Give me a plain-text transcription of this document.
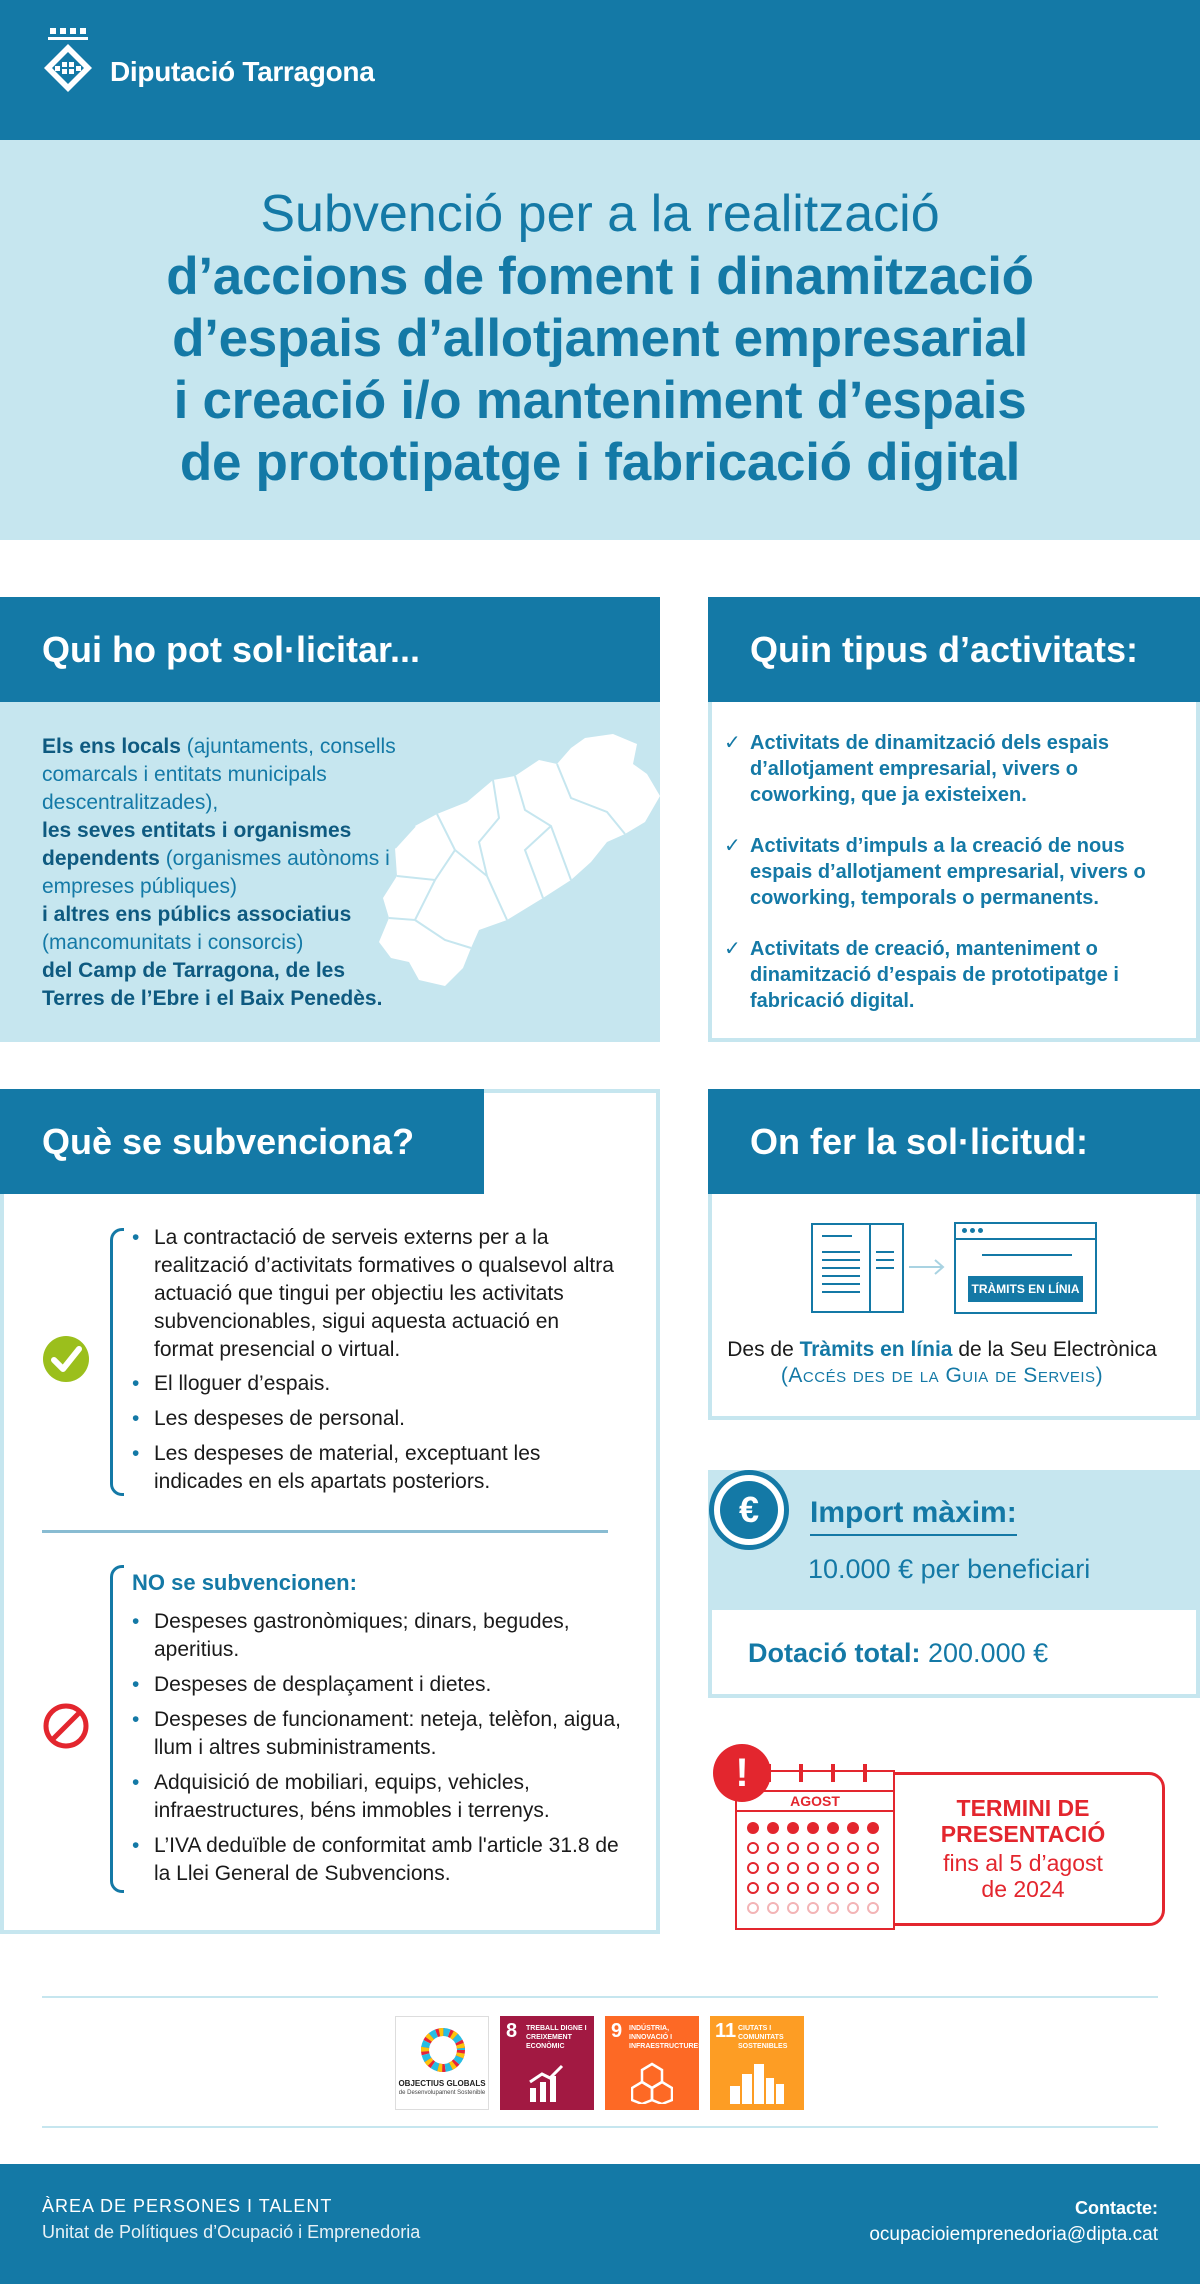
Diputació Tarragona
Subvenció per a la realització
d’accions de foment i dinamització
d’espais d’allotjament empresarial
i creació i/o manteniment d’espais
de prototipatge i fabricació digital
Qui ho pot sol·licitar...
Els ens locals (ajuntaments, consells comarcals i entitats municipals descentralitzades),
les seves entitats i organismes dependents (organismes autònoms i empreses públiques)
i altres ens públics associatius (mancomunitats i consorcis)
del Camp de Tarragona, de les Terres de l’Ebre i el Baix Penedès.
Quin tipus d’activitats:
✓ Activitats de dinamització dels espais d’allotjament empresarial, vivers o coworking, que ja existeixen.
✓ Activitats d’impuls a la creació de nous espais d’allotjament empresarial, vivers o coworking, temporals o permanents.
✓ Activitats de creació, manteniment o dinamització d’espais de prototipatge i fabricació digital.
Què se subvenciona?
• La contractació de serveis externs per a la realització d’activitats formatives o qualsevol altra actuació que tingui per objectiu les activitats subvencionables, sigui aquesta actuació en format presencial o virtual.
• El lloguer d’espais.
• Les despeses de personal.
• Les despeses de material, exceptuant les indicades en els apartats posteriors.
NO se subvencionen:
• Despeses gastronòmiques; dinars, begudes, aperitius.
• Despeses de desplaçament i dietes.
• Despeses de funcionament: neteja, telèfon, aigua, llum i altres subministraments.
• Adquisició de mobiliari, equips, vehicles, infraestructures, béns immobles i terrenys.
• L’IVA deduïble de conformitat amb l'article 31.8 de la Llei General de Subvencions.
On fer la sol·licitud:
TRÀMITS EN LÍNIA
Des de Tràmits en línia de la Seu Electrònica
(Accés des de la Guia de Serveis)
€	Import màxim:
10.000 € per beneficiari
Dotació total: 200.000 €
AGOST
!
TERMINI DE
PRESENTACIÓ
fins al 5 d’agost
de 2024
OBJECTIUS GLOBALS
de Desenvolupament Sostenible
8 TREBALL DIGNE I CREIXEMENT ECONÒMIC
9 INDÚSTRIA, INNOVACIÓ I INFRAESTRUCTURES
11 CIUTATS I COMUNITATS SOSTENIBLES
ÀREA DE PERSONES I TALENT
Unitat de Polítiques d’Ocupació i Emprenedoria
Contacte:
ocupacioiemprenedoria@dipta.cat
